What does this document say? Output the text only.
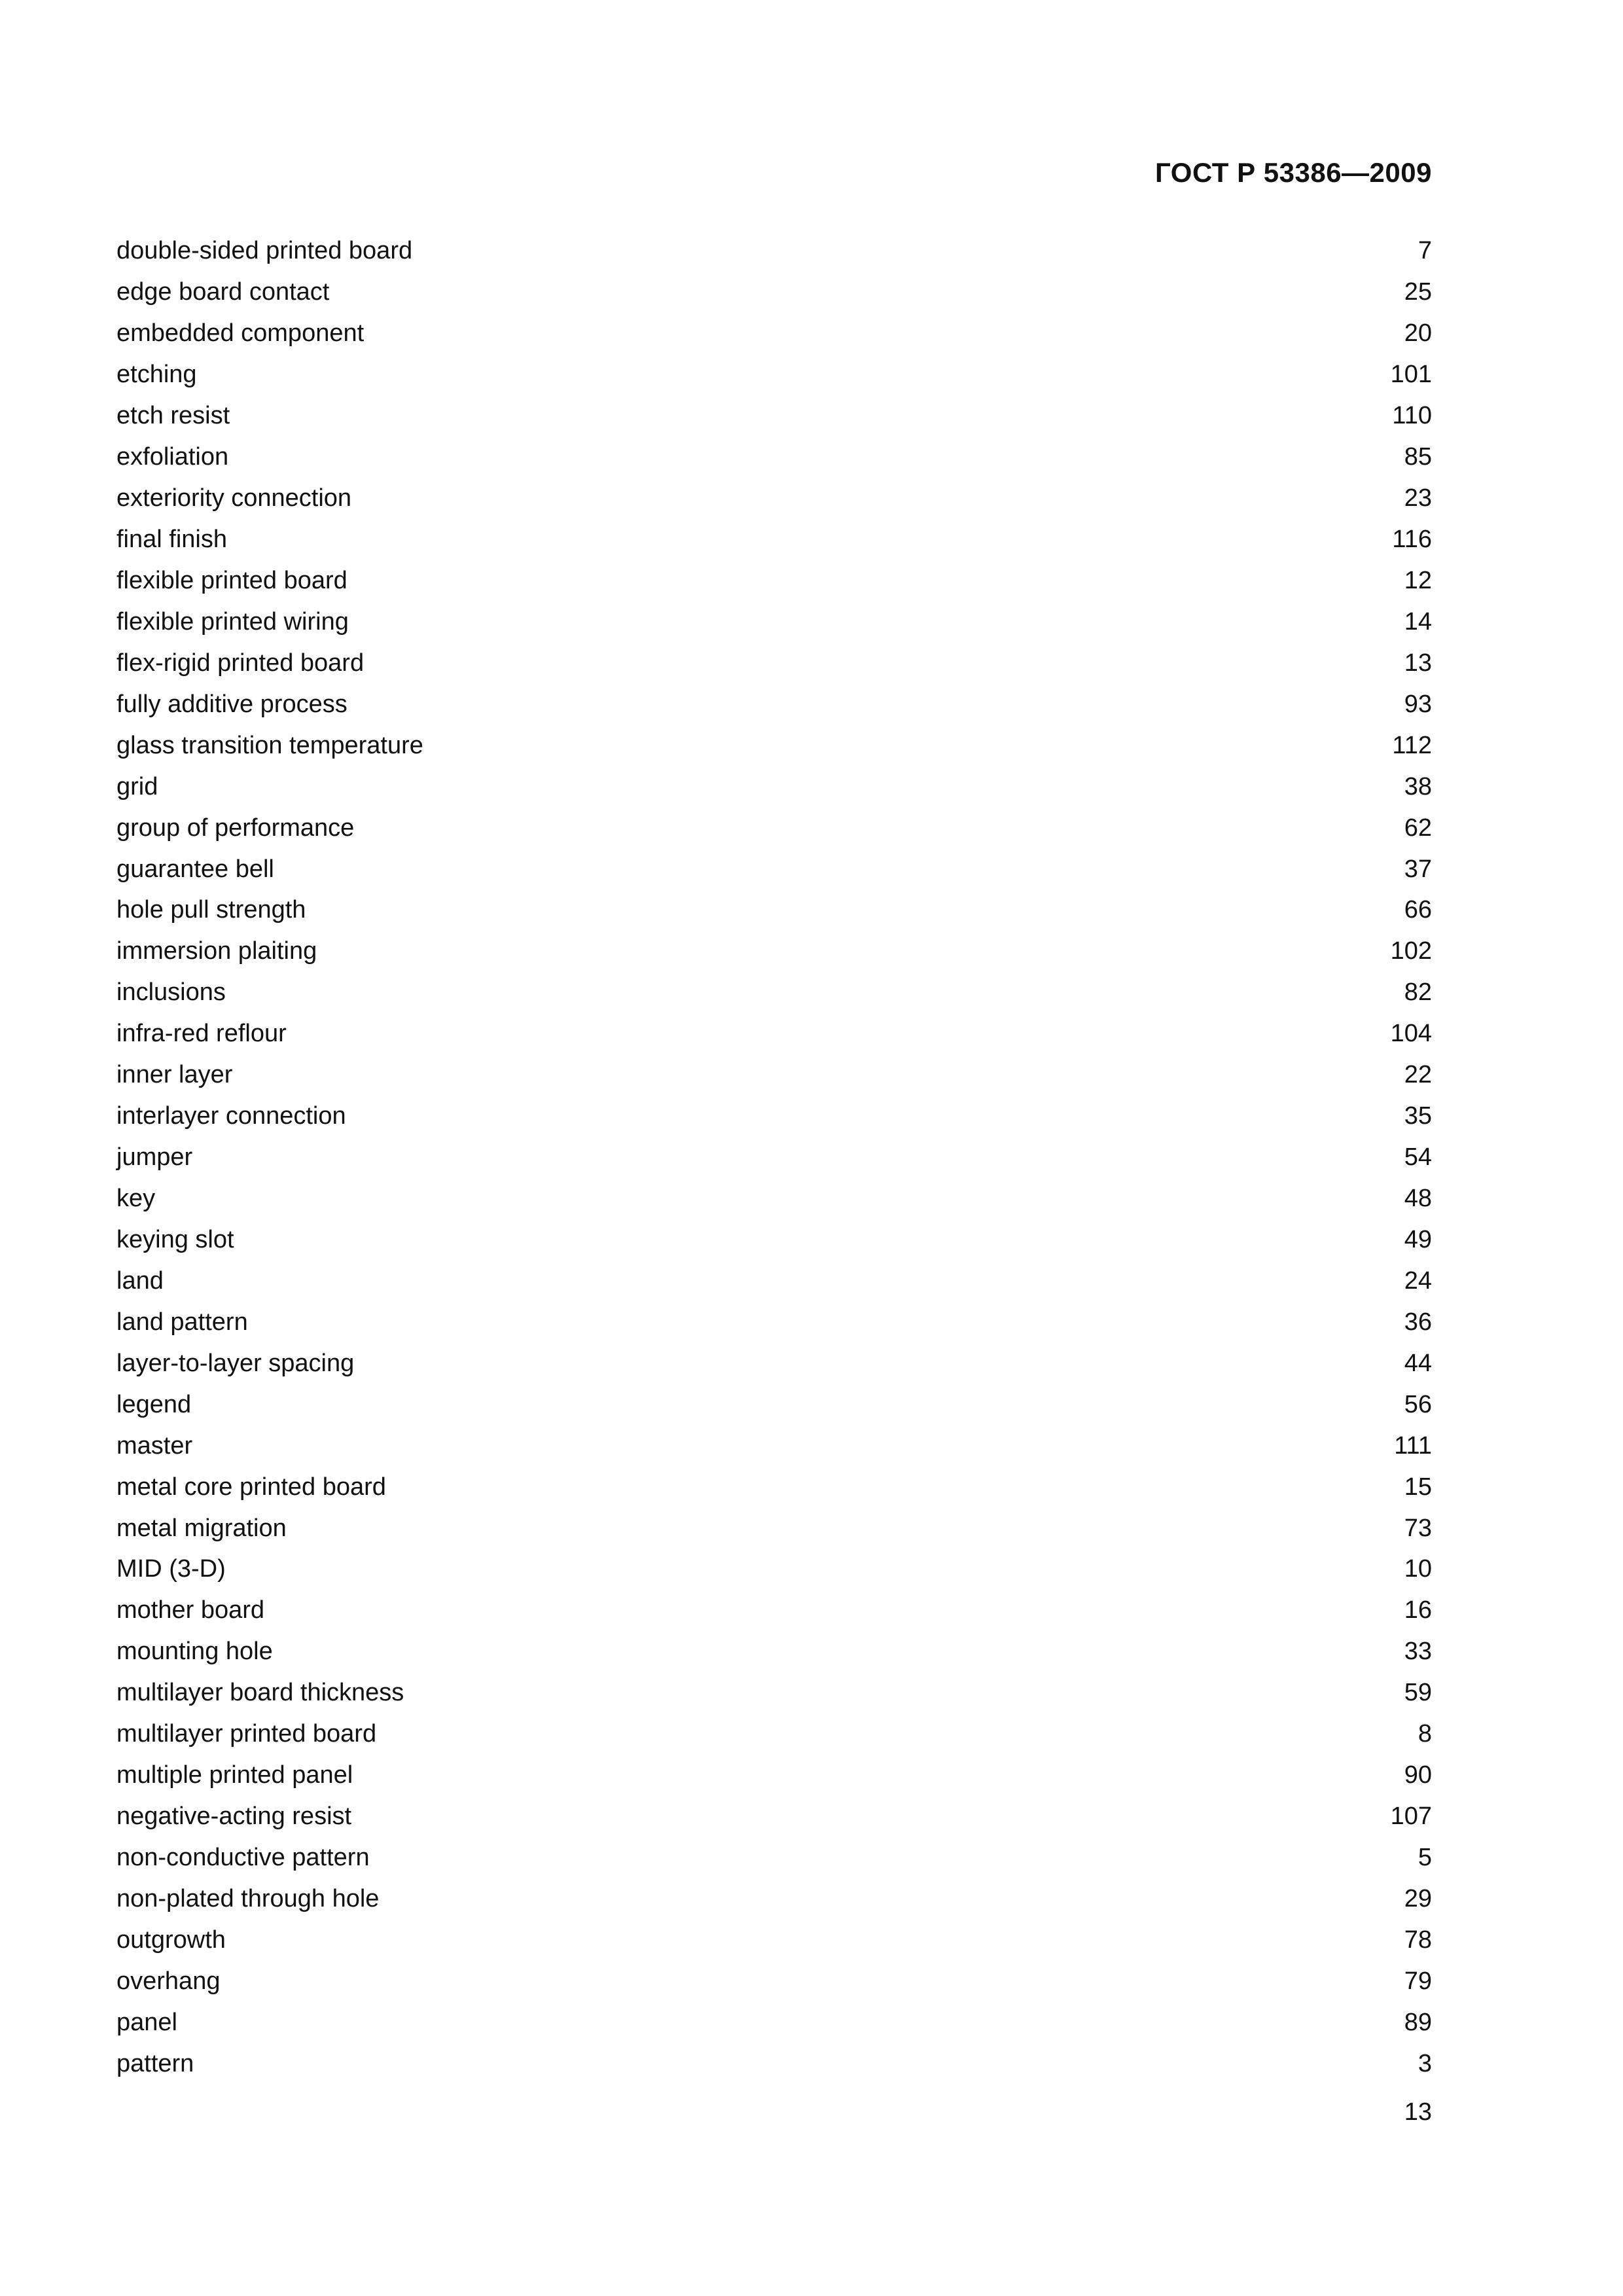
ГОСТ Р 53386—2009
double-sided printed board	7
edge board contact	25
embedded component	20
etching	101
etch resist	110
exfoliation	85
exteriority connection	23
final finish	116
flexible printed board	12
flexible printed wiring	14
flex-rigid printed board	13
fully additive process	93
glass transition temperature	112
grid	38
group of performance	62
guarantee bell	37
hole pull strength	66
immersion plaiting	102
inclusions	82
infra-red reflour	104
inner layer	22
interlayer connection	35
jumper	54
key	48
keying slot	49
land	24
land pattern	36
layer-to-layer spacing	44
legend	56
master	111
metal core printed board	15
metal migration	73
MID (3-D)	10
mother board	16
mounting hole	33
multilayer board thickness	59
multilayer printed board	8
multiple printed panel	90
negative-acting resist	107
non-conductive pattern	5
non-plated through hole	29
outgrowth	78
overhang	79
panel	89
pattern	3
13
